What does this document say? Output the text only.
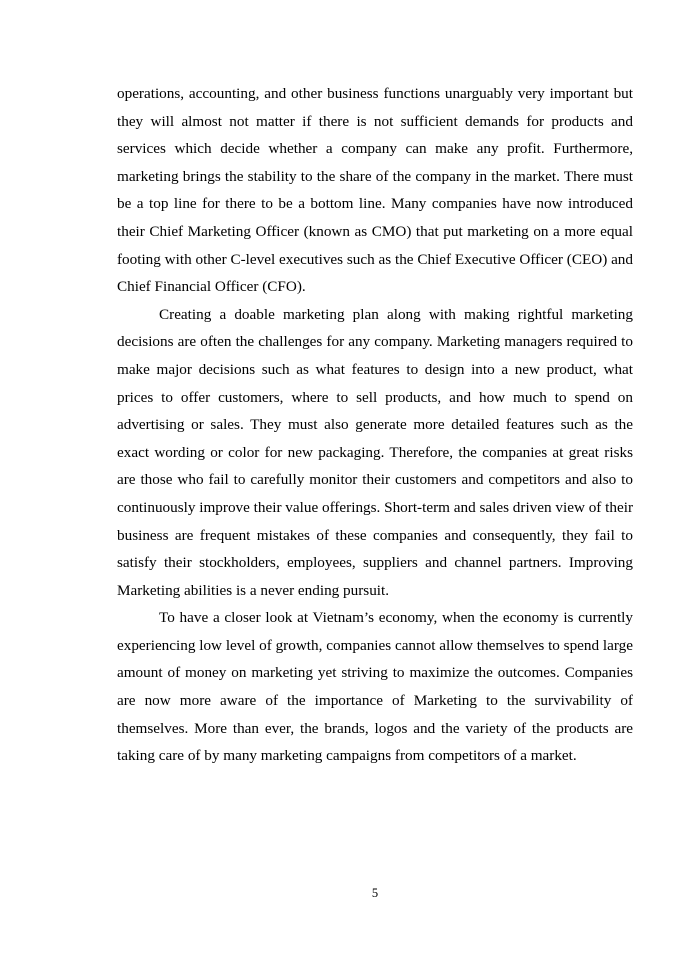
operations, accounting, and other business functions unarguably very important but they will almost not matter if there is not sufficient demands for products and services which decide whether a company can make any profit. Furthermore, marketing brings the stability to the share of the company in the market. There must be a top line for there to be a bottom line. Many companies have now introduced their Chief Marketing Officer (known as CMO) that put marketing on a more equal footing with other C-level executives such as the Chief Executive Officer (CEO) and Chief Financial Officer (CFO).

Creating a doable marketing plan along with making rightful marketing decisions are often the challenges for any company. Marketing managers required to make major decisions such as what features to design into a new product, what prices to offer customers, where to sell products, and how much to spend on advertising or sales. They must also generate more detailed features such as the exact wording or color for new packaging. Therefore, the companies at great risks are those who fail to carefully monitor their customers and competitors and also to continuously improve their value offerings. Short-term and sales driven view of their business are frequent mistakes of these companies and consequently, they fail to satisfy their stockholders, employees, suppliers and channel partners. Improving Marketing abilities is a never ending pursuit.

To have a closer look at Vietnam’s economy, when the economy is currently experiencing low level of growth, companies cannot allow themselves to spend large amount of money on marketing yet striving to maximize the outcomes. Companies are now more aware of the importance of Marketing to the survivability of themselves. More than ever, the brands, logos and the variety of the products are taking care of by many marketing campaigns from competitors of a market.

5
